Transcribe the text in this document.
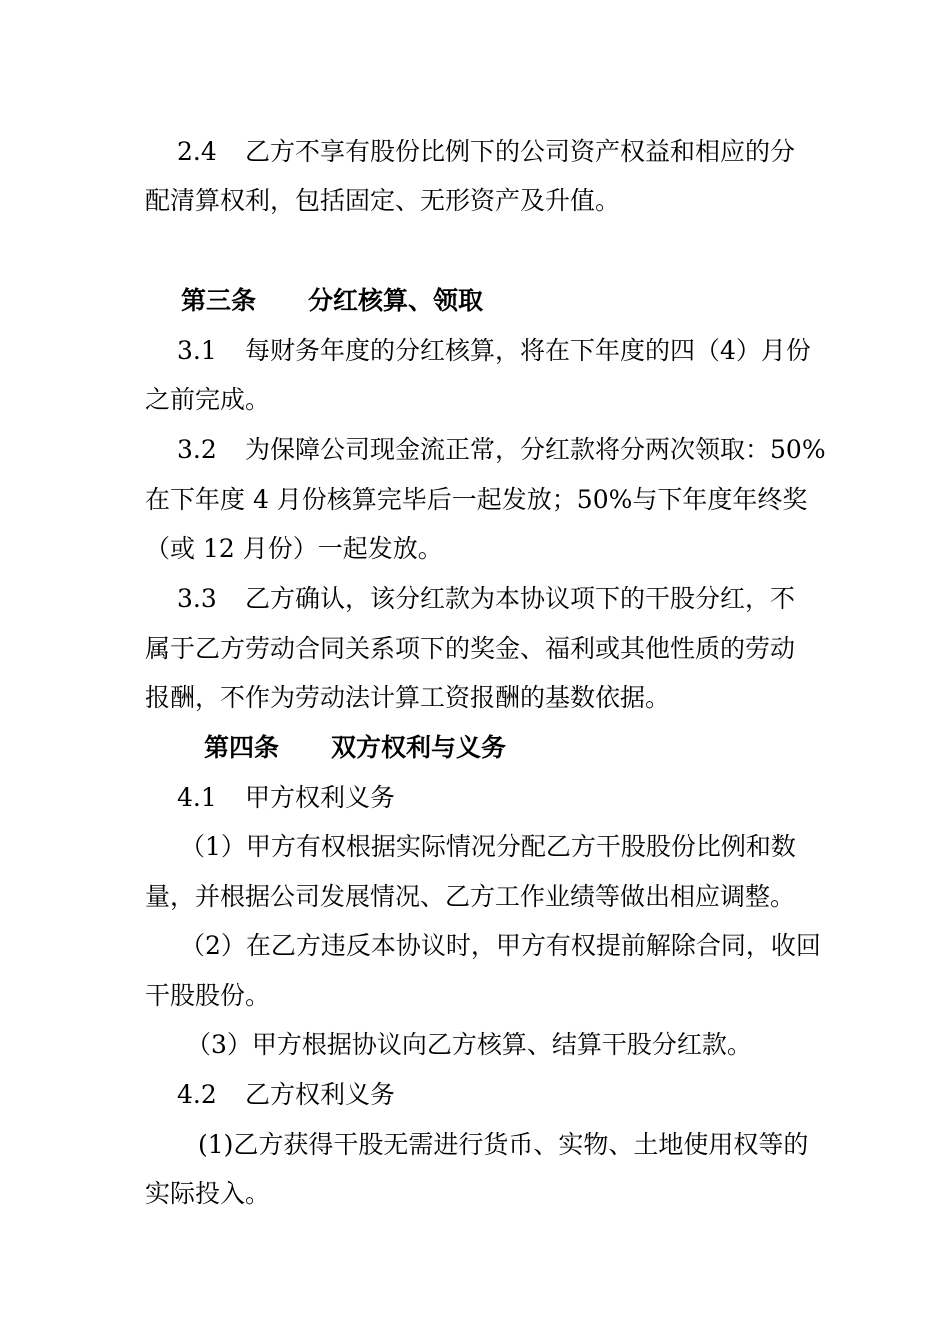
2.4 乙方不享有股份比例下的公司资产权益和相应的分
配清算权利，包括固定、无形资产及升值。
第三条 分红核算、领取
3.1 每财务年度的分红核算，将在下年度的四（4）月份
之前完成。
3.2 为保障公司现金流正常，分红款将分两次领取：50%
在下年度 4 月份核算完毕后一起发放；50%与下年度年终奖
（或 12 月份）一起发放。
3.3 乙方确认，该分红款为本协议项下的干股分红，不
属于乙方劳动合同关系项下的奖金、福利或其他性质的劳动
报酬，不作为劳动法计算工资报酬的基数依据。
第四条 双方权利与义务
4.1 甲方权利义务
（1）甲方有权根据实际情况分配乙方干股股份比例和数
量，并根据公司发展情况、乙方工作业绩等做出相应调整。
（2）在乙方违反本协议时，甲方有权提前解除合同，收回
干股股份。
（3）甲方根据协议向乙方核算、结算干股分红款。
4.2 乙方权利义务
(1)乙方获得干股无需进行货币、实物、土地使用权等的
实际投入。
